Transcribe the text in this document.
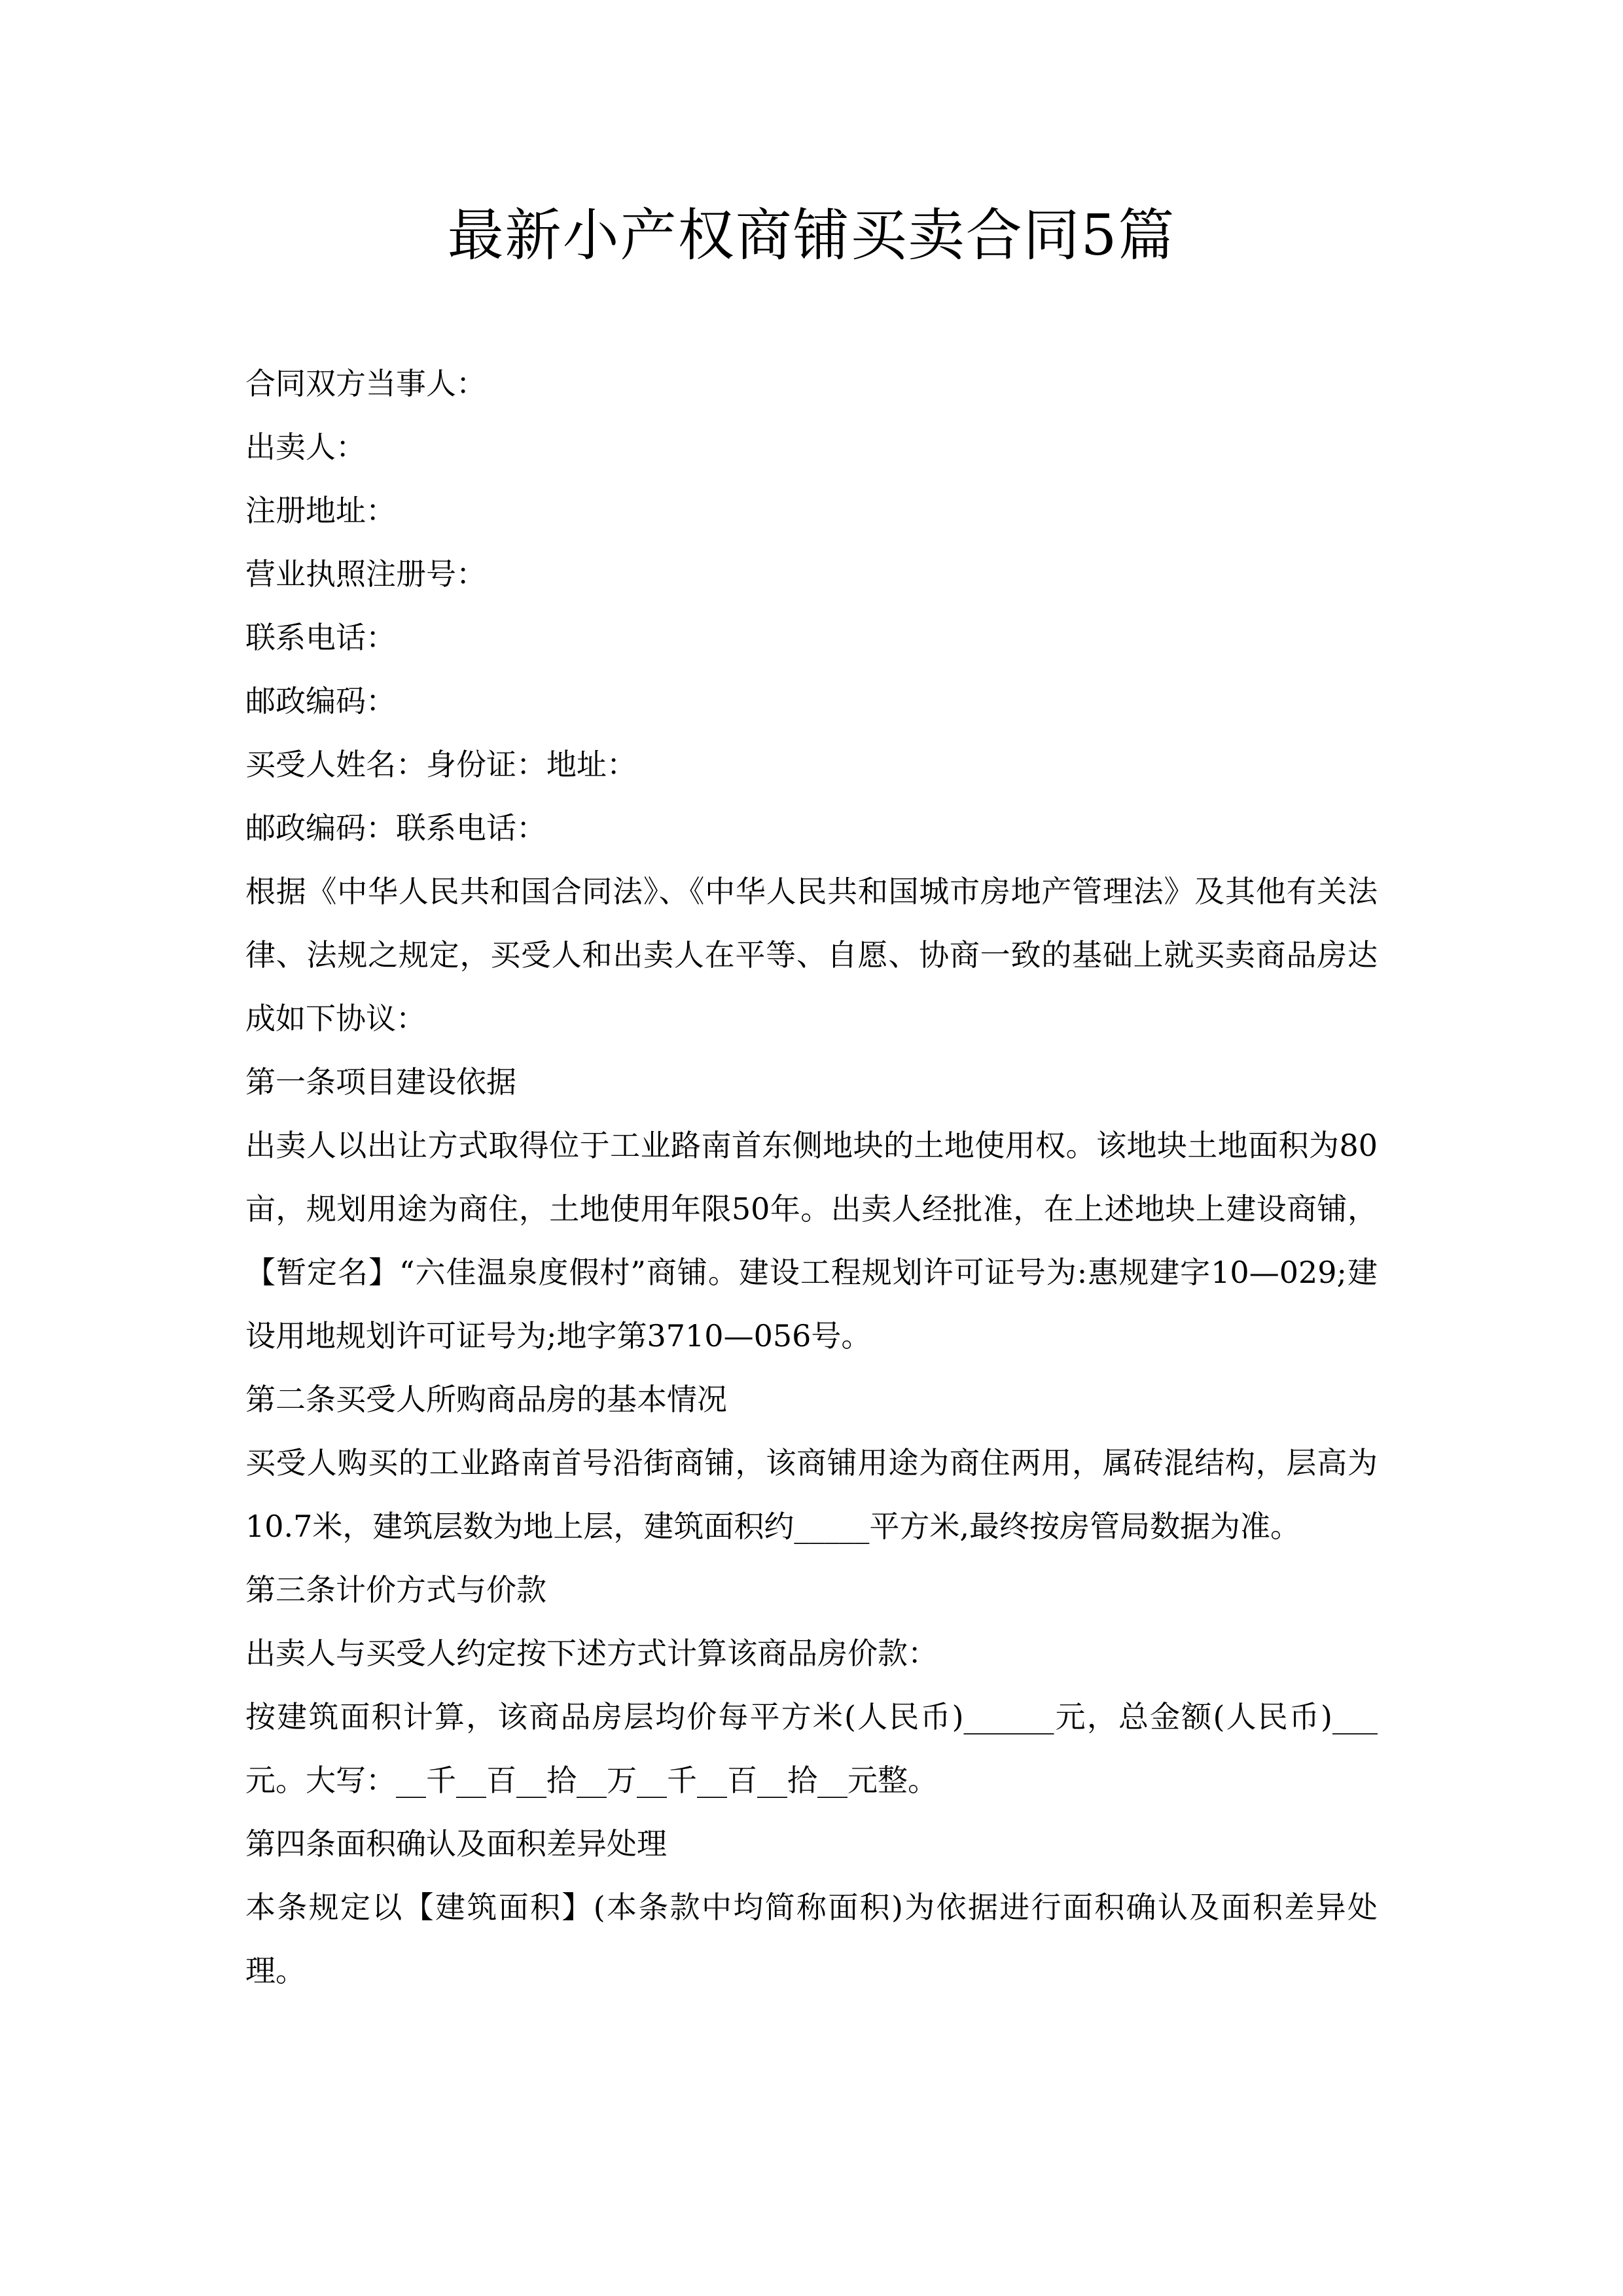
最新小产权商铺买卖合同5篇

合同双方当事人：

出卖人：

注册地址：

营业执照注册号：

联系电话：

邮政编码：

买受人姓名：身份证：地址：

邮政编码：联系电话：

根据《中华人民共和国合同法》、《中华人民共和国城市房地产管理法》及其他有关法律、法规之规定，买受人和出卖人在平等、自愿、协商一致的基础上就买卖商品房达成如下协议：

第一条项目建设依据

出卖人以出让方式取得位于工业路南首东侧地块的土地使用权。该地块土地面积为80亩，规划用途为商住，土地使用年限50年。出卖人经批准，在上述地块上建设商铺，【暂定名】“六佳温泉度假村”商铺。建设工程规划许可证号为:惠规建字10—029;建设用地规划许可证号为;地字第3710—056号。

第二条买受人所购商品房的基本情况

买受人购买的工业路南首号沿街商铺，该商铺用途为商住两用，属砖混结构，层高为10.7米，建筑层数为地上层，建筑面积约_____平方米,最终按房管局数据为准。

第三条计价方式与价款

出卖人与买受人约定按下述方式计算该商品房价款：

按建筑面积计算，该商品房层均价每平方米(人民币)______元，总金额(人民币)___元。大写：__千__百__拾__万__千__百__拾__元整。

第四条面积确认及面积差异处理

本条规定以【建筑面积】(本条款中均简称面积)为依据进行面积确认及面积差异处理。
